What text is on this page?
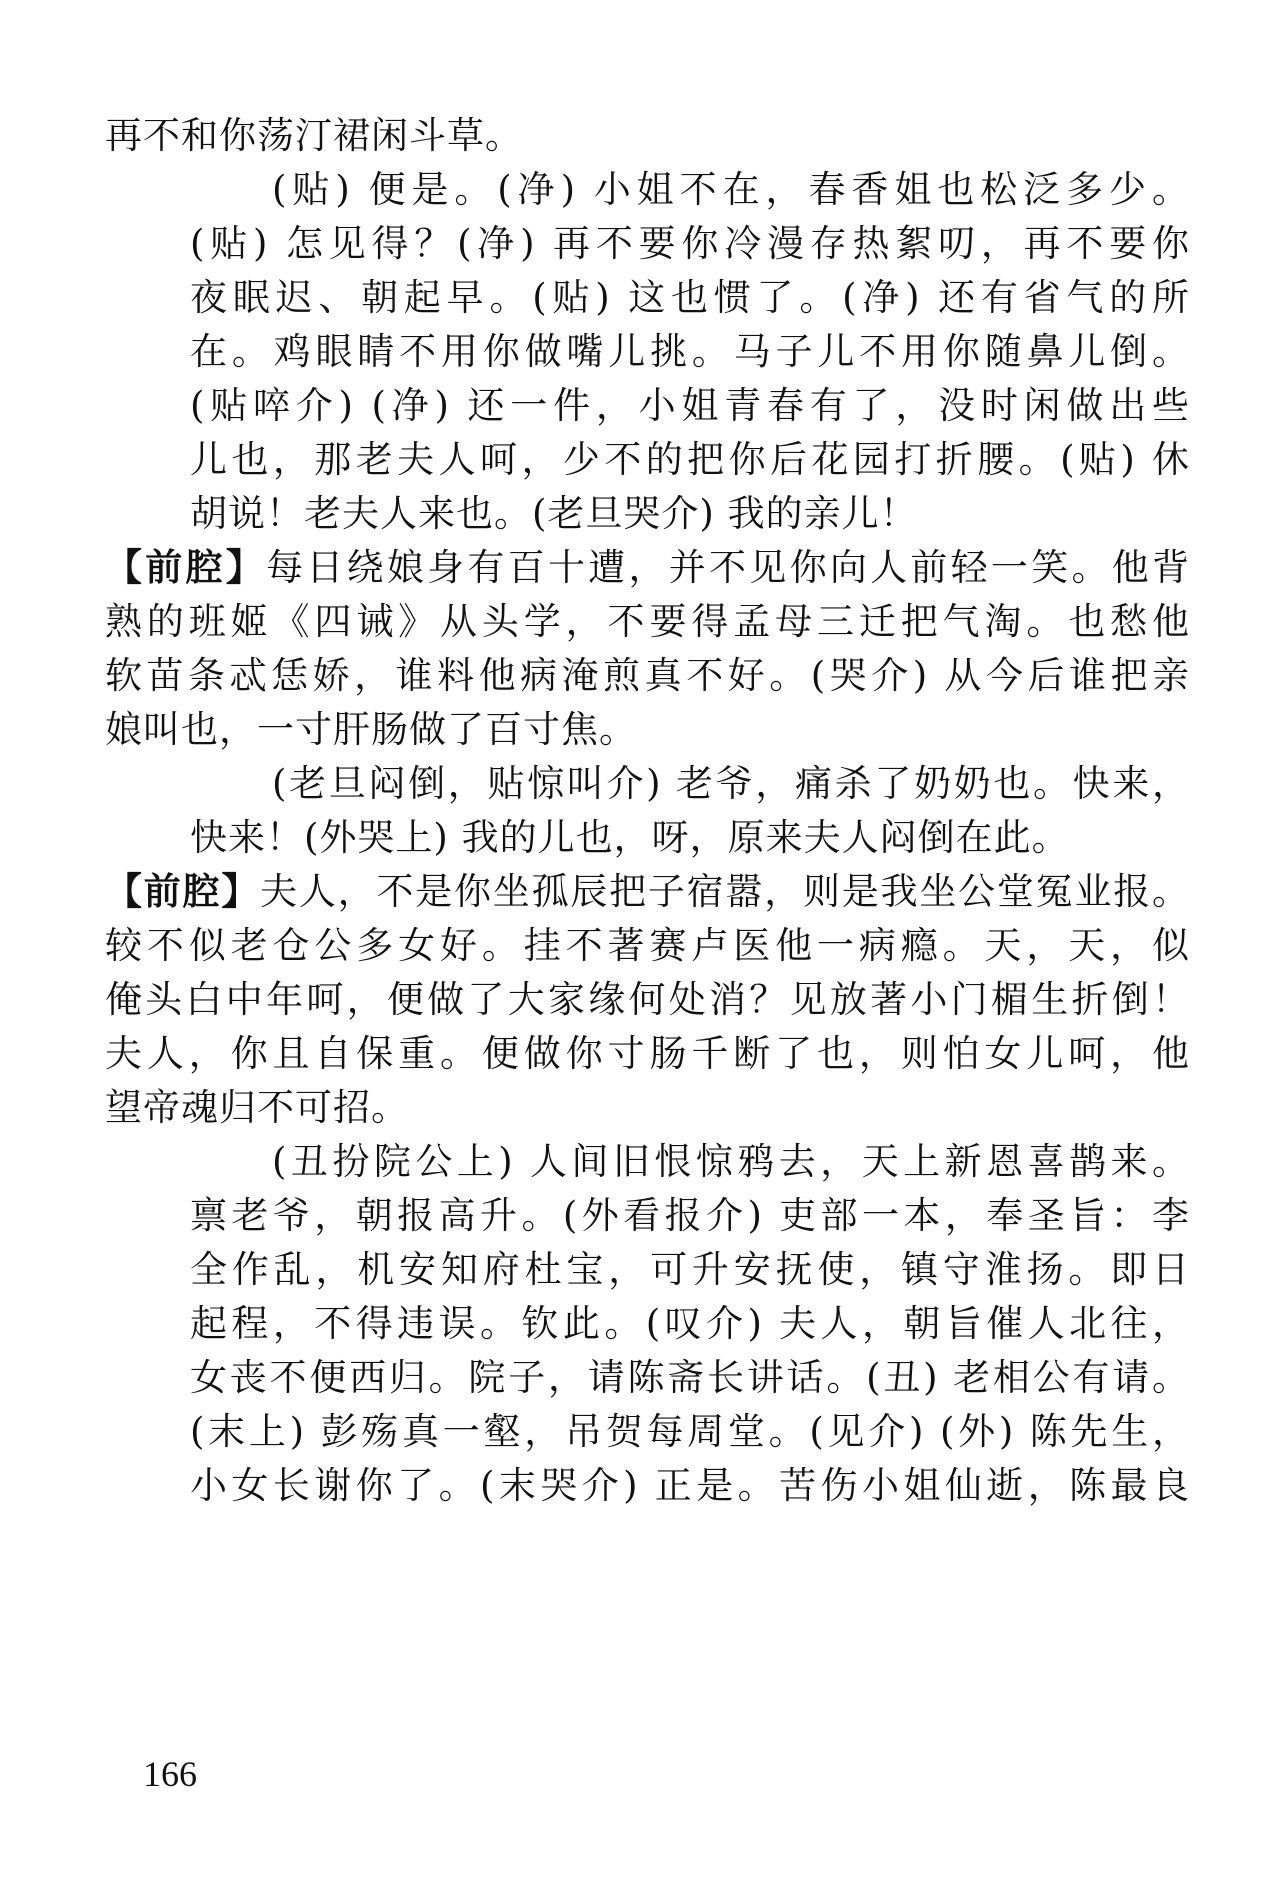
再不和你荡汀裙闲斗草。
(贴) 便是。(净) 小姐不在，春香姐也松泛多少。
(贴) 怎见得？(净) 再不要你冷漫存热絮叨，再不要你
夜眠迟、朝起早。(贴) 这也惯了。(净) 还有省气的所
在。鸡眼睛不用你做嘴儿挑。马子儿不用你随鼻儿倒。
(贴啐介) (净) 还一件，小姐青春有了，没时闲做出些
儿也，那老夫人呵，少不的把你后花园打折腰。(贴) 休
胡说！老夫人来也。(老旦哭介) 我的亲儿！
【前腔】每日绕娘身有百十遭，并不见你向人前轻一笑。他背
熟的班姬《四诫》从头学，不要得孟母三迁把气淘。也愁他
软苗条忒恁娇，谁料他病淹煎真不好。(哭介) 从今后谁把亲
娘叫也，一寸肝肠做了百寸焦。
(老旦闷倒，贴惊叫介) 老爷，痛杀了奶奶也。快来，
快来！(外哭上) 我的儿也，呀，原来夫人闷倒在此。
【前腔】夫人，不是你坐孤辰把子宿嚣，则是我坐公堂冤业报。
较不似老仓公多女好。挂不著赛卢医他一病瘾。天，天，似
俺头白中年呵，便做了大家缘何处消？见放著小门楣生折倒！
夫人，你且自保重。便做你寸肠千断了也，则怕女儿呵，他
望帝魂归不可招。
(丑扮院公上) 人间旧恨惊鸦去，天上新恩喜鹊来。
禀老爷，朝报高升。(外看报介) 吏部一本，奉圣旨：李
全作乱，机安知府杜宝，可升安抚使，镇守淮扬。即日
起程，不得违误。钦此。(叹介) 夫人，朝旨催人北往，
女丧不便西归。院子，请陈斋长讲话。(丑) 老相公有请。
(末上) 彭殇真一壑，吊贺每周堂。(见介) (外) 陈先生，
小女长谢你了。(末哭介) 正是。苦伤小姐仙逝，陈最良
166
